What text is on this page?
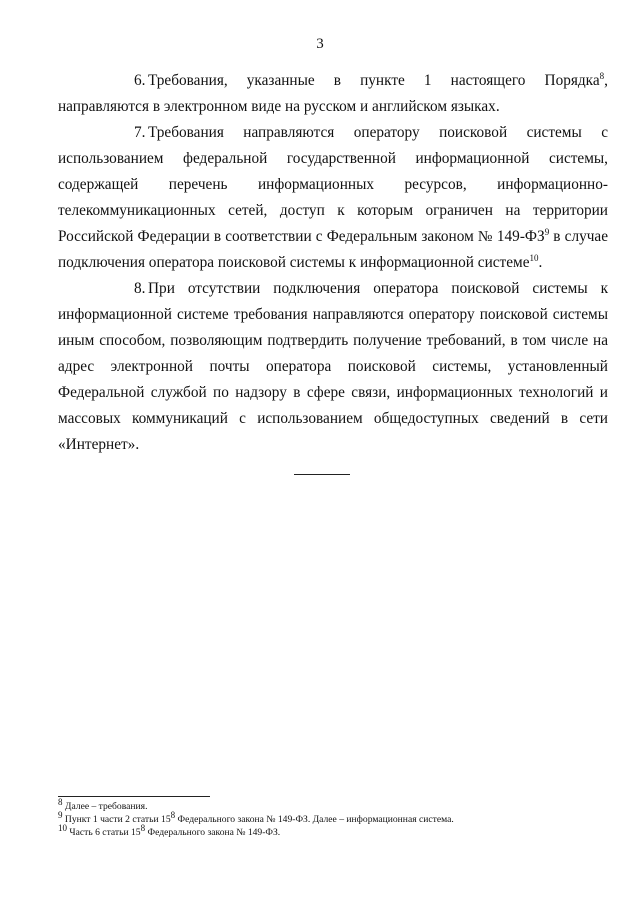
3

6. Требования, указанные в пункте 1 настоящего Порядка$^8$, направляются в электронном виде на русском и английском языках.

7. Требования направляются оператору поисковой системы с использованием федеральной государственной информационной системы, содержащей перечень информационных ресурсов, информационно-телекоммуникационных сетей, доступ к которым ограничен на территории Российской Федерации в соответствии с Федеральным законом № $149-ФЗ^9$ в случае подключения оператора поисковой системы к информационной системе$^{10}$.

8. При отсутствии подключения оператора поисковой системы к информационной системе требования направляются оператору поисковой системы иным способом, позволяющим подтвердить получение требований, в том числе на адрес электронной почты оператора поисковой системы, установленный Федеральной службой по надзору в сфере связи, информационных технологий и массовых коммуникаций с использованием общедоступных сведений в сети «Интернет».

$^8$ Далее – требования.
$^9$ Пункт 1 части 2 статьи $15^8$ Федерального закона № 149-ФЗ. Далее – информационная система.
$^{10}$ Часть 6 статьи $15^8$ Федерального закона № 149-ФЗ.
